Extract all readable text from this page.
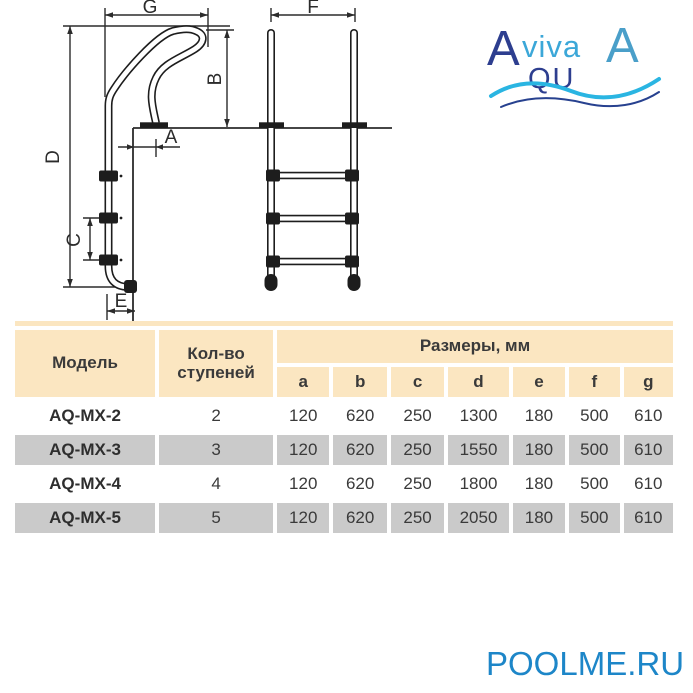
G	F
A
E
B
D
C
A viva A
QU

Модель	Кол-во ступеней	Размеры, мм						
		a	b	c	d	e	f	g
AQ-MX-2	2	120	620	250	1300	180	500	610
AQ-MX-3	3	120	620	250	1550	180	500	610
AQ-MX-4	4	120	620	250	1800	180	500	610
AQ-MX-5	5	120	620	250	2050	180	500	610
POOLME.RU
